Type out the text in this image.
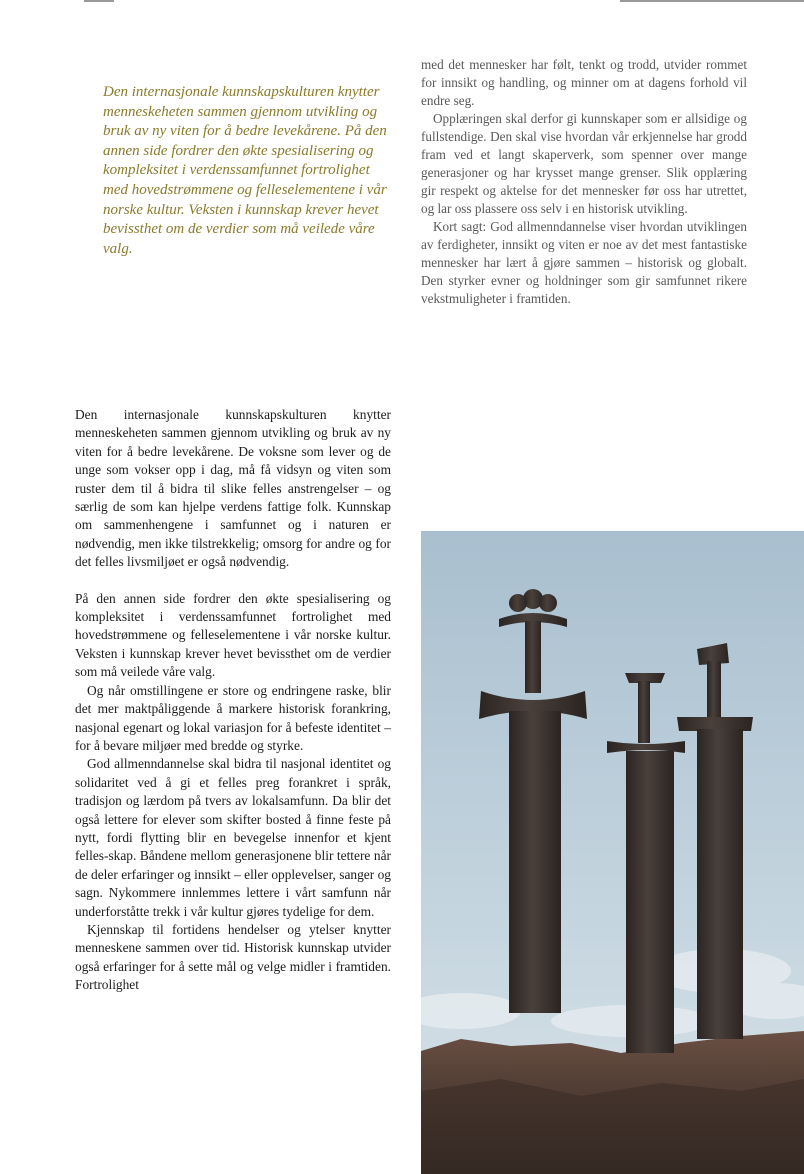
Den internasjonale kunnskapskulturen knytter menneskeheten sammen gjennom utvikling og bruk av ny viten for å bedre levekårene. På den annen side fordrer den økte spesialisering og kompleksitet i verdenssamfunnet fortrolighet med hovedstrømmene og felleselementene i vår norske kultur. Veksten i kunnskap krever hevet bevissthet om de verdier som må veilede våre valg.

med det mennesker har følt, tenkt og trodd, utvider rommet for innsikt og handling, og minner om at dagens forhold vil endre seg.

Opplæringen skal derfor gi kunnskaper som er allsidige og fullstendige. Den skal vise hvordan vår erkjennelse har grodd fram ved et langt skaperverk, som spenner over mange generasjoner og har krysset mange grenser. Slik opplæring gir respekt og aktelse for det mennesker før oss har utrettet, og lar oss plassere oss selv i en historisk utvikling.

Kort sagt: God allmenndannelse viser hvordan utviklingen av ferdigheter, innsikt og viten er noe av det mest fantastiske mennesker har lært å gjøre sammen – historisk og globalt. Den styrker evner og holdninger som gir samfunnet rikere vekstmuligheter i framtiden.

Den internasjonale kunnskapskulturen knytter menneskeheten sammen gjennom utvikling og bruk av ny viten for å bedre levekårene. De voksne som lever og de unge som vokser opp i dag, må få vidsyn og viten som ruster dem til å bidra til slike felles anstrengelser – og særlig de som kan hjelpe verdens fattige folk. Kunnskap om sammenhengene i samfunnet og i naturen er nødvendig, men ikke tilstrekkelig; omsorg for andre og for det felles livsmiljøet er også nødvendig.

På den annen side fordrer den økte spesialisering og kompleksitet i verdenssamfunnet fortrolighet med hovedstrømmene og felleselementene i vår norske kultur. Veksten i kunnskap krever hevet bevissthet om de verdier som må veilede våre valg.

Og når omstillingene er store og endringene raske, blir det mer maktpåliggende å markere historisk forankring, nasjonal egenart og lokal variasjon for å befeste identitet – for å bevare miljøer med bredde og styrke.

God allmenndannelse skal bidra til nasjonal identitet og solidaritet ved å gi et felles preg forankret i språk, tradisjon og lærdom på tvers av lokalsamfunn. Da blir det også lettere for elever som skifter bosted å finne feste på nytt, fordi flytting blir en bevegelse innenfor et kjent felles-skap. Båndene mellom generasjonene blir tettere når de deler erfaringer og innsikt – eller opplevelser, sanger og sagn. Nykommere innlemmes lettere i vårt samfunn når underforståtte trekk i vår kultur gjøres tydelige for dem.

Kjennskap til fortidens hendelser og ytelser knytter menneskene sammen over tid. Historisk kunnskap utvider også erfaringer for å sette mål og velge midler i framtiden. Fortrolighet
